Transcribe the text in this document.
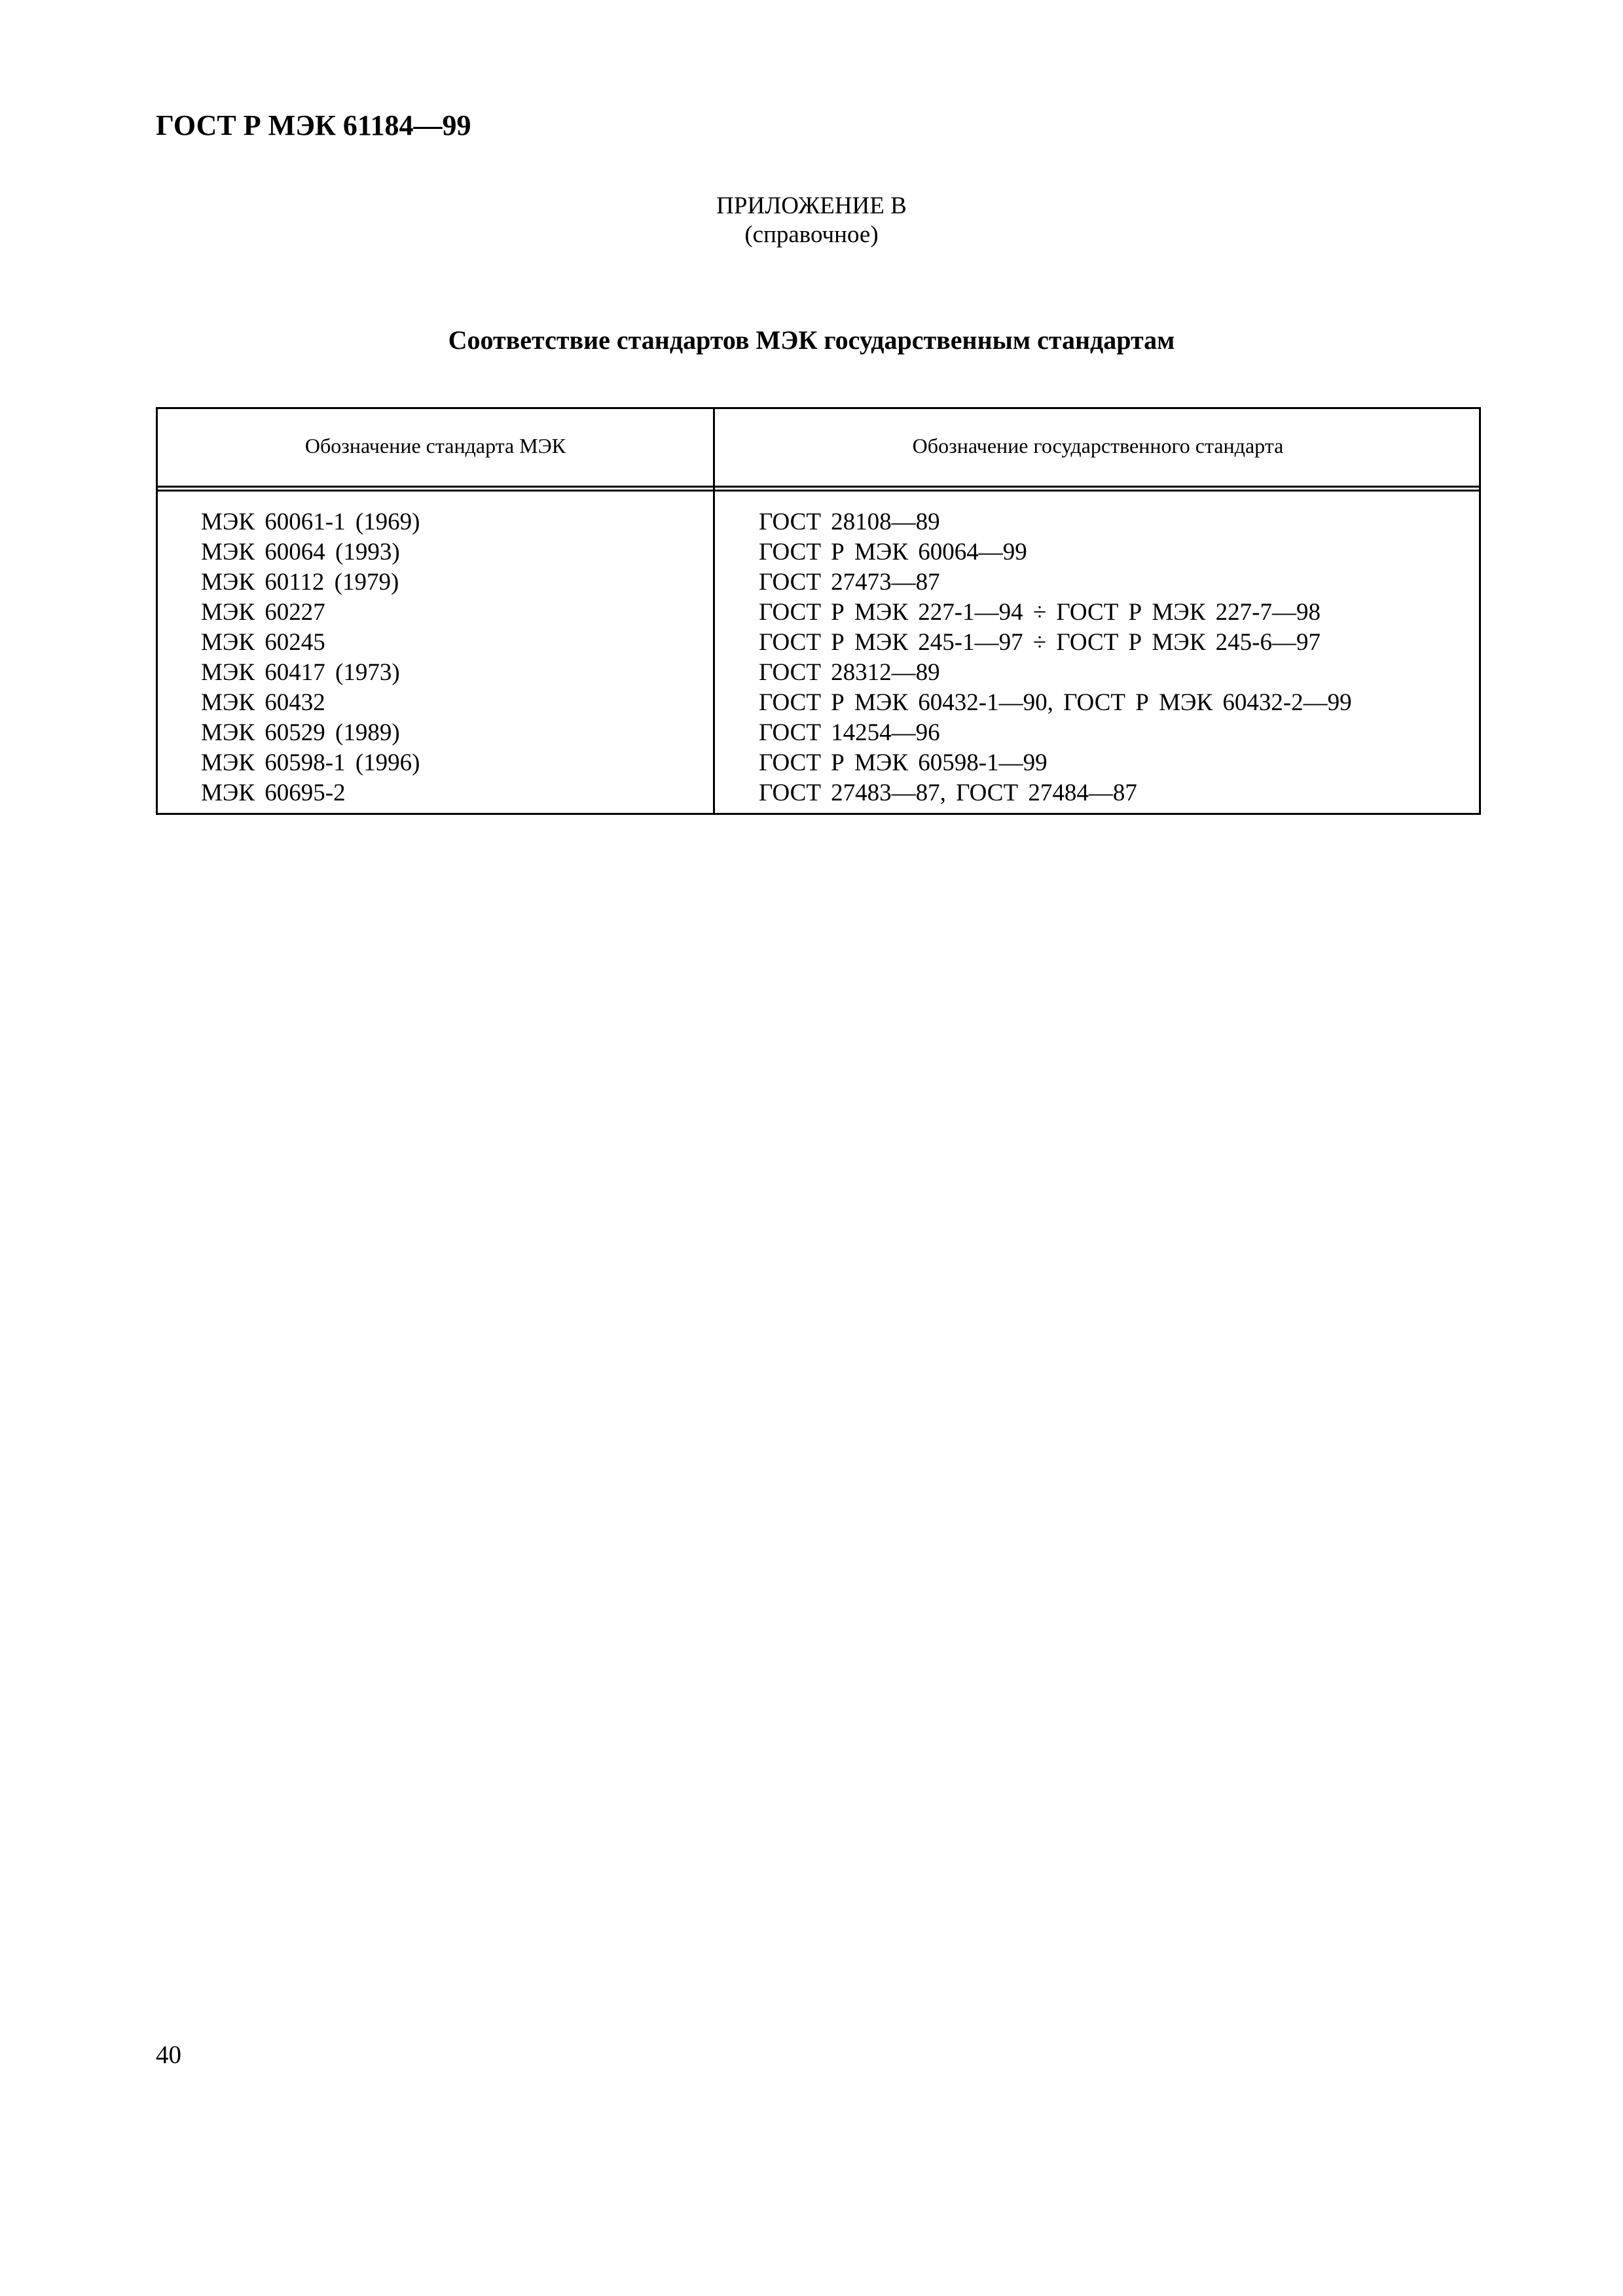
ГОСТ Р МЭК 61184—99
ПРИЛОЖЕНИЕ В
(справочное)
Соответствие стандартов МЭК государственным стандартам
Обозначение стандарта МЭК	Обозначение государственного стандарта
МЭК 60061-1 (1969)
МЭК 60064 (1993)
МЭК 60112 (1979)
МЭК 60227
МЭК 60245
МЭК 60417 (1973)
МЭК 60432
МЭК 60529 (1989)
МЭК 60598-1 (1996)
МЭК 60695-2
ГОСТ 28108—89
ГОСТ Р МЭК 60064—99
ГОСТ 27473—87
ГОСТ Р МЭК 227-1—94 ÷ ГОСТ Р МЭК 227-7—98
ГОСТ Р МЭК 245-1—97 ÷ ГОСТ Р МЭК 245-6—97
ГОСТ 28312—89
ГОСТ Р МЭК 60432-1—90, ГОСТ Р МЭК 60432-2—99
ГОСТ 14254—96
ГОСТ Р МЭК 60598-1—99
ГОСТ 27483—87, ГОСТ 27484—87
40
